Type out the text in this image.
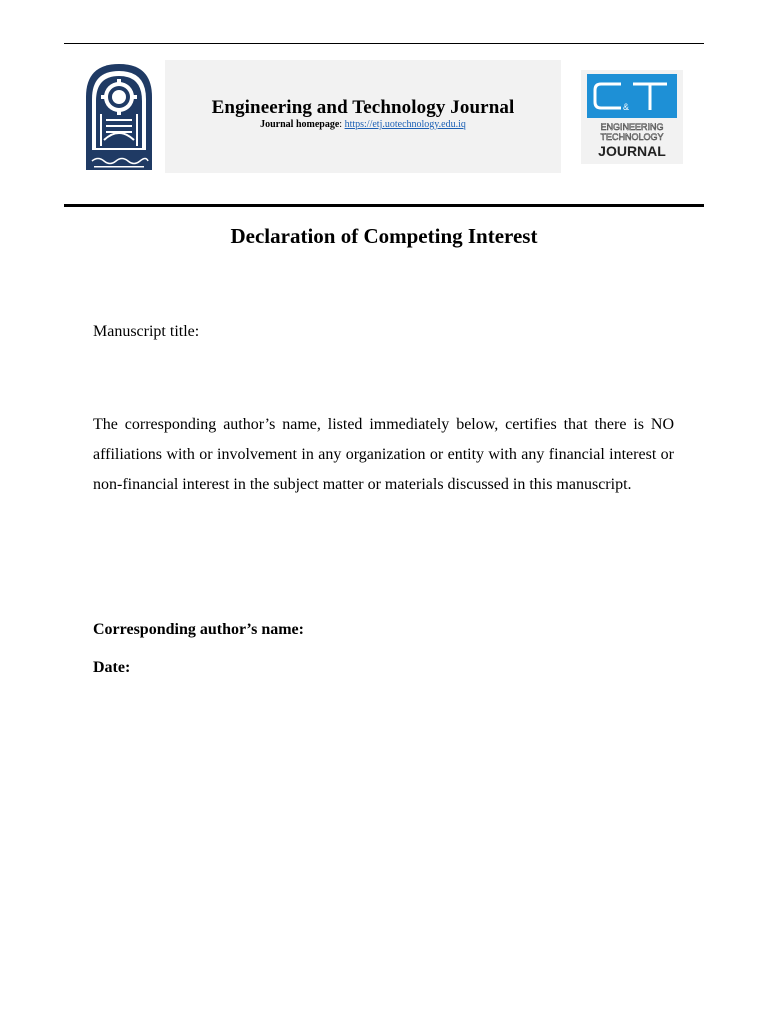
Engineering and Technology Journal
Journal homepage: https://etj.uotechnology.edu.iq
&
ENGINEERING
TECHNOLOGY
JOURNAL
Declaration of Competing Interest
Manuscript title:

The corresponding author’s name, listed immediately below, certifies that there is NO affiliations with or involvement in any organization or entity with any financial interest or non-financial interest in the subject matter or materials discussed in this manuscript.

Corresponding author’s name:
Date:
